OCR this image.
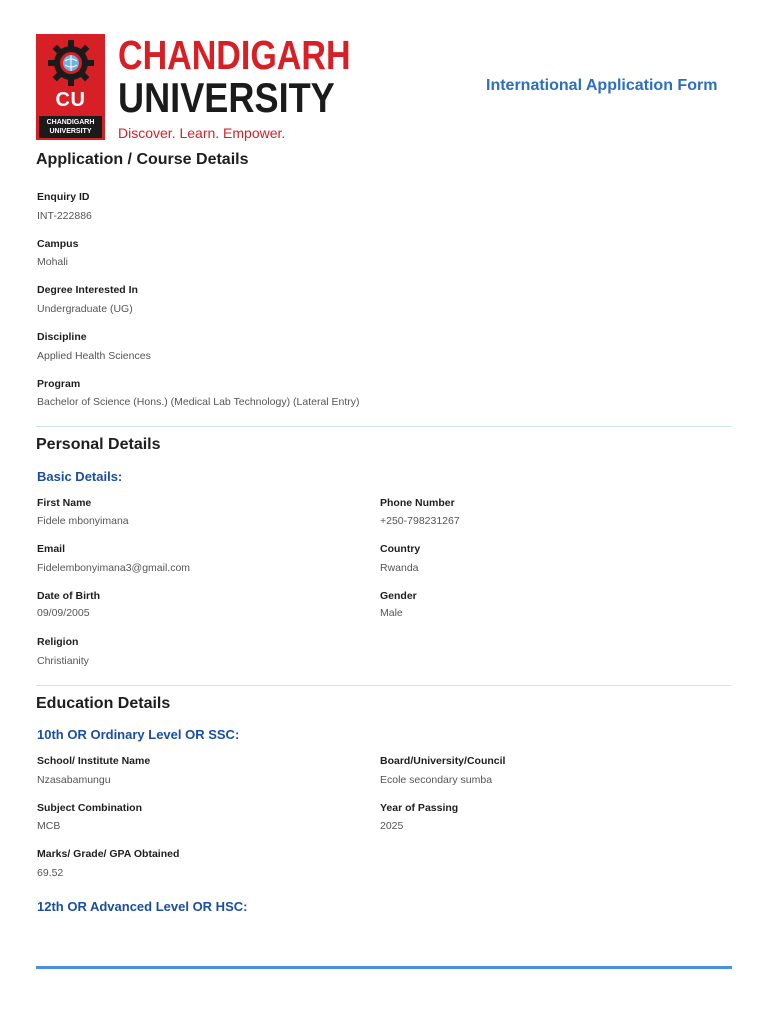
CU
CHANDIGARH
UNIVERSITY
CHANDIGARH
UNIVERSITY
Discover. Learn. Empower.
International Application Form
Application / Course Details
Enquiry ID
INT-222886
Campus
Mohali
Degree Interested In
Undergraduate (UG)
Discipline
Applied Health Sciences
Program
Bachelor of Science (Hons.) (Medical Lab Technology) (Lateral Entry)
Personal Details
Basic Details:
First Name
Fidele mbonyimana
Phone Number
+250-798231267
Email
Fidelembonyimana3@gmail.com
Country
Rwanda
Date of Birth
09/09/2005
Gender
Male
Religion
Christianity
Education Details
10th OR Ordinary Level OR SSC:
School/ Institute Name
Nzasabamungu
Board/University/Council
Ecole secondary sumba
Subject Combination
MCB
Year of Passing
2025
Marks/ Grade/ GPA Obtained
69.52
12th OR Advanced Level OR HSC:
